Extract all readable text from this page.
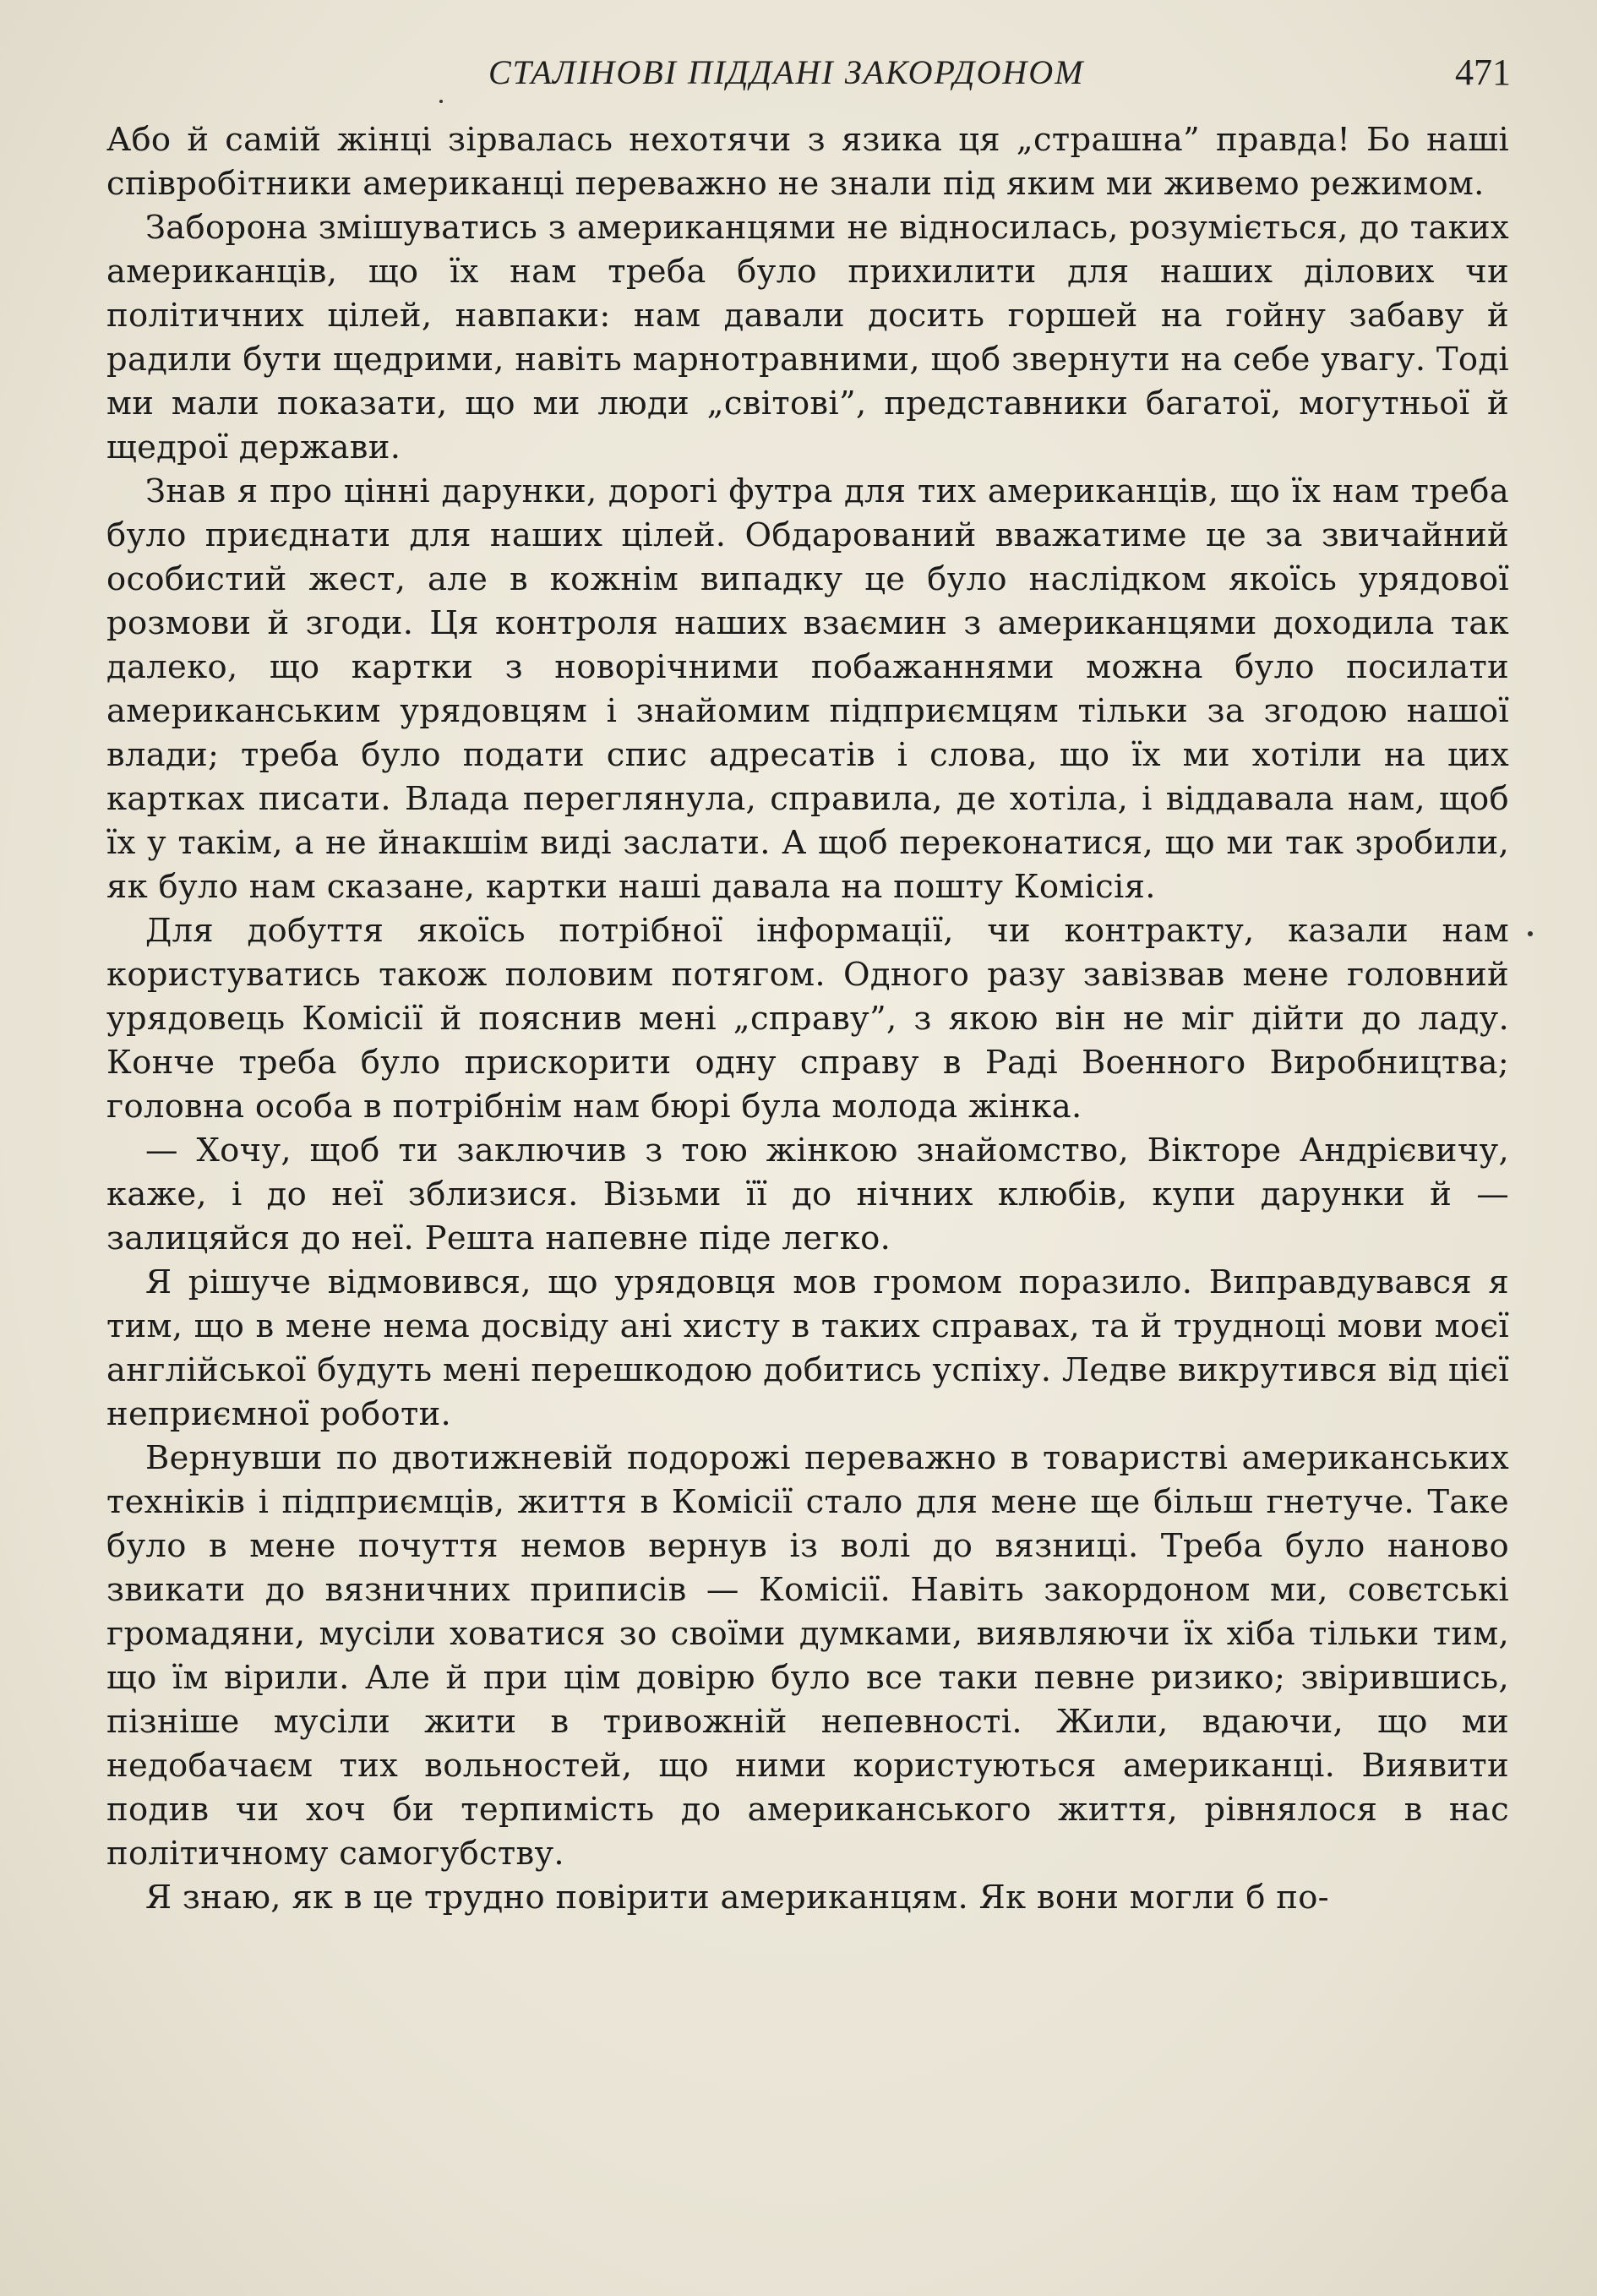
СТАЛІНОВІ ПІДДАНІ ЗАКОРДОНОМ	471

Або й самій жінці зірвалась нехотячи з язика ця „страшна” правда! Бо наші співробітники американці переважно не знали під яким ми живемо режимом.

Заборона змішуватись з американцями не відносилась, розуміється, до таких американців, що їх нам треба було прихилити для наших ділових чи політичних цілей, навпаки: нам давали досить горшей на гойну забаву й радили бути щедрими, навіть марнотравними, щоб звернути на себе увагу. Тоді ми мали показати, що ми люди „світові”, представники багатої, могутньої й щедрої держави.

Знав я про цінні дарунки, дорогі футра для тих американців, що їх нам треба було приєднати для наших цілей. Обдарований вважатиме це за звичайний особистий жест, але в кожнім випадку це було наслідком якоїсь урядової розмови й згоди. Ця контроля наших взаємин з американцями доходила так далеко, що картки з новорічними побажаннями можна було посилати американським урядовцям і знайомим підприємцям тільки за згодою нашої влади; треба було подати спис адресатів і слова, що їх ми хотіли на цих картках писати. Влада переглянула, справила, де хотіла, і віддавала нам, щоб їх у такім, а не йнакшім виді заслати. А щоб переконатися, що ми так зробили, як було нам сказане, картки наші давала на пошту Комісія.

Для добуття якоїсь потрібної інформації, чи контракту, казали нам користуватись також половим потягом. Одного разу завізвав мене головний урядовець Комісії й пояснив мені „справу”, з якою він не міг дійти до ладу. Конче треба було прискорити одну справу в Раді Военного Виробництва; головна особа в потрібнім нам бюрі була молода жінка.

— Хочу, щоб ти заключив з тою жінкою знайомство, Вікторе Андрієвичу, каже, і до неї зблизися. Візьми її до нічних клюбів, купи дарунки й — залицяйся до неї. Решта напевне піде легко.

Я рішуче відмовився, що урядовця мов громом поразило. Виправдувався я тим, що в мене нема досвіду ані хисту в таких справах, та й трудноці мови моєї англійської будуть мені перешкодою добитись успіху. Ледве викрутився від цієї неприємної роботи.

Вернувши по двотижневій подорожі переважно в товаристві американських техніків і підприємців, життя в Комісії стало для мене ще більш гнетуче. Таке було в мене почуття немов вернув із волі до вязниці. Треба було наново звикати до вязничних приписів — Комісії. Навіть закордоном ми, совєтські громадяни, мусіли ховатися зо своїми думками, виявляючи їх хіба тільки тим, що їм вірили. Але й при цім довірю було все таки певне ризико; звірившись, пізніше мусіли жити в тривожній непевності. Жили, вдаючи, що ми недобачаєм тих вольностей, що ними користуються американці. Виявити подив чи хоч би терпимість до американського життя, рівнялося в нас політичному самогубству.

Я знаю, як в це трудно повірити американцям. Як вони могли б по-
